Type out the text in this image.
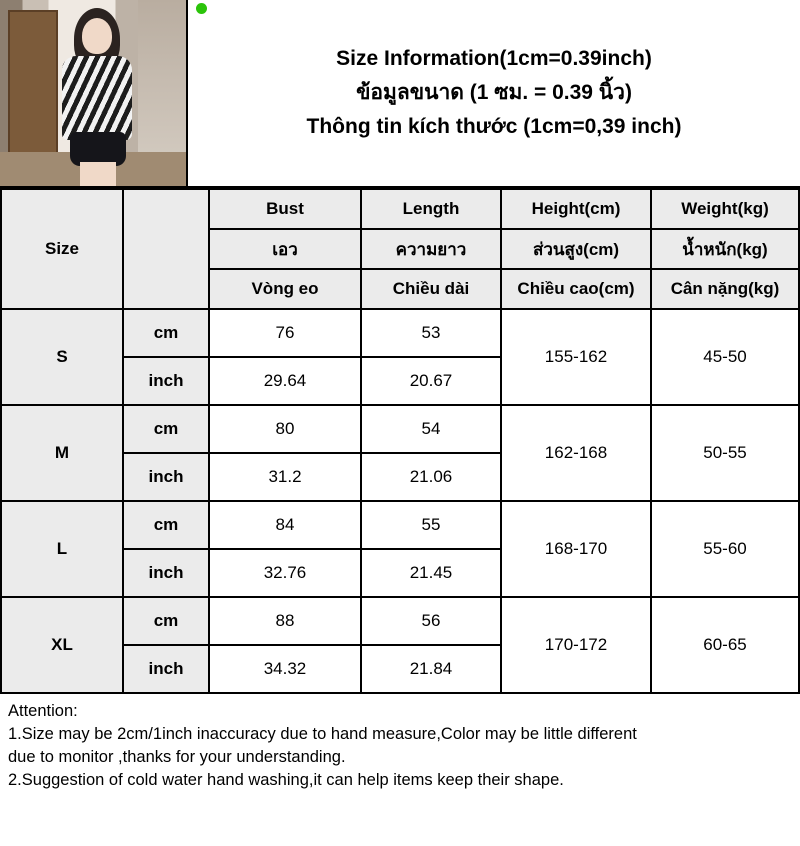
Size Information(1cm=0.39inch)
ข้อมูลขนาด (1 ซม. = 0.39 นิ้ว)
Thông tin kích thước (1cm=0,39 inch)
Size		Bust	Length	Height(cm)	Weight(kg)
		เอว	ความยาว	ส่วนสูง(cm)	น้ำหนัก(kg)
		Vòng eo	Chiều dài	Chiều cao(cm)	Cân nặng(kg)
S	cm	76	53	155-162	45-50
	inch	29.64	20.67		
M	cm	80	54	162-168	50-55
	inch	31.2	21.06		
L	cm	84	55	168-170	55-60
	inch	32.76	21.45		
XL	cm	88	56	170-172	60-65
	inch	34.32	21.84		

Attention:

1.Size may be 2cm/1inch inaccuracy due to hand measure,Color may be little different

due to monitor ,thanks for your understanding.

2.Suggestion of cold water hand washing,it can help items keep their shape.
